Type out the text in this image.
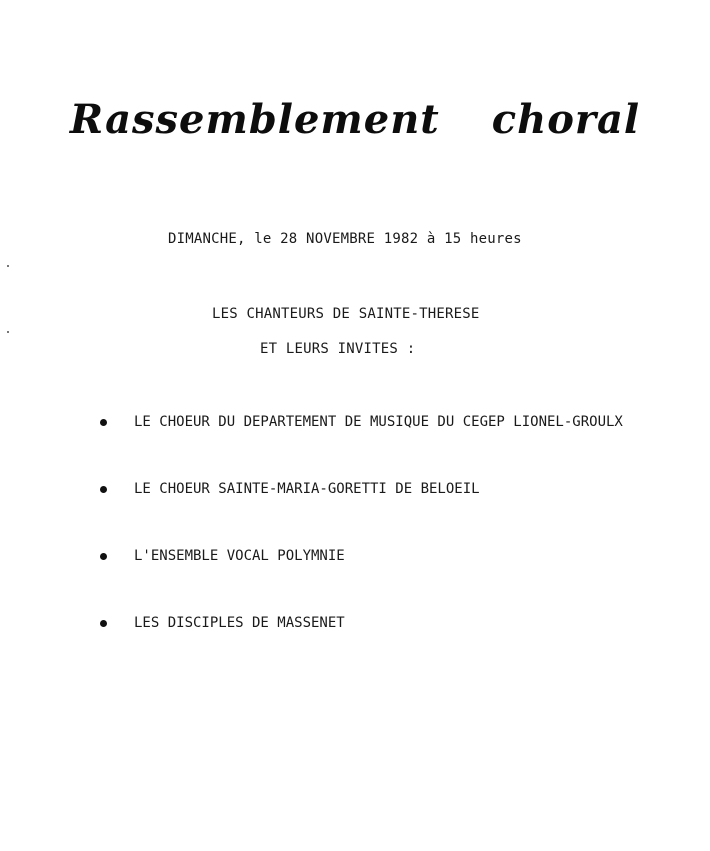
Rassemblement choral
DIMANCHE, le 28 NOVEMBRE 1982 à 15 heures
LES CHANTEURS DE SAINTE-THERESE
ET LEURS INVITES :
LE CHOEUR DU DEPARTEMENT DE MUSIQUE DU CEGEP LIONEL-GROULX
LE CHOEUR SAINTE-MARIA-GORETTI DE BELOEIL
L'ENSEMBLE VOCAL POLYMNIE
LES DISCIPLES DE MASSENET
